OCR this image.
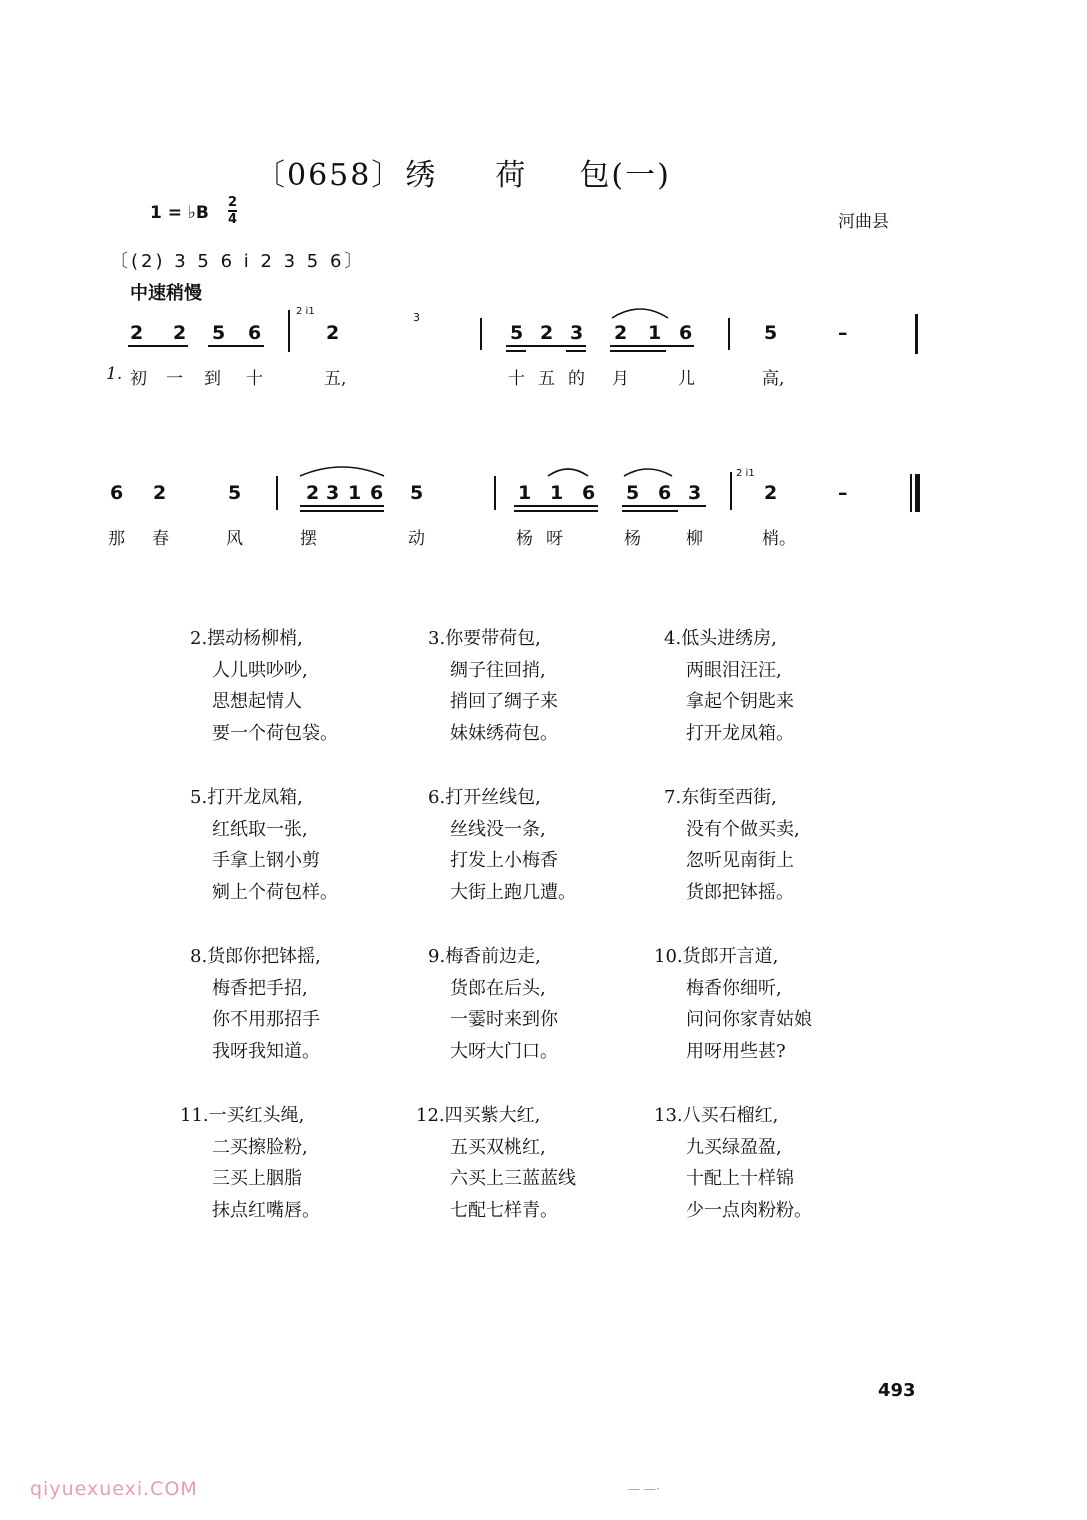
〔0658〕绣 荷 包(一)
1 = ♭B $\frac{2}{4}$	河曲县
〔(2) 3 5 6 i 2 3 5 6〕
中速稍慢
2 2 5 6
2 i1
2
3
5 2 3 2 1 6	5	–
1. 初 一 到 十	五,	十 五 的 月	儿	高,
6 2	5	2 3 1 6 5	1 1 6 5 6 3
2 i1
2	–
那 春	风	摆	动	杨 呀	杨	柳	梢。
2.摆动杨柳梢,
人儿哄吵吵,
思想起情人
要一个荷包袋。
3.你要带荷包,
绸子往回捎,
捎回了绸子来
妹妹绣荷包。
4.低头进绣房,
两眼泪汪汪,
拿起个钥匙来
打开龙凤箱。
5.打开龙凤箱,
红纸取一张,
手拿上钢小剪
剜上个荷包样。
6.打开丝线包,
丝线没一条,
打发上小梅香
大街上跑几遭。
7.东街至西街,
没有个做买卖,
忽听见南街上
货郎把钵摇。
8.货郎你把钵摇,
梅香把手招,
你不用那招手
我呀我知道。
9.梅香前边走,
货郎在后头,
一霎时来到你
大呀大门口。
10.货郎开言道,
梅香你细听,
问问你家青姑娘
用呀用些甚?
11.一买红头绳,
二买擦脸粉,
三买上胭脂
抹点红嘴唇。
12.四买紫大红,
五买双桃红,
六买上三蓝蓝线
七配七样青。
13.八买石榴红,
九买绿盈盈,
十配上十样锦
少一点肉粉粉。
493
qiyuexuexi.COM	— —·
